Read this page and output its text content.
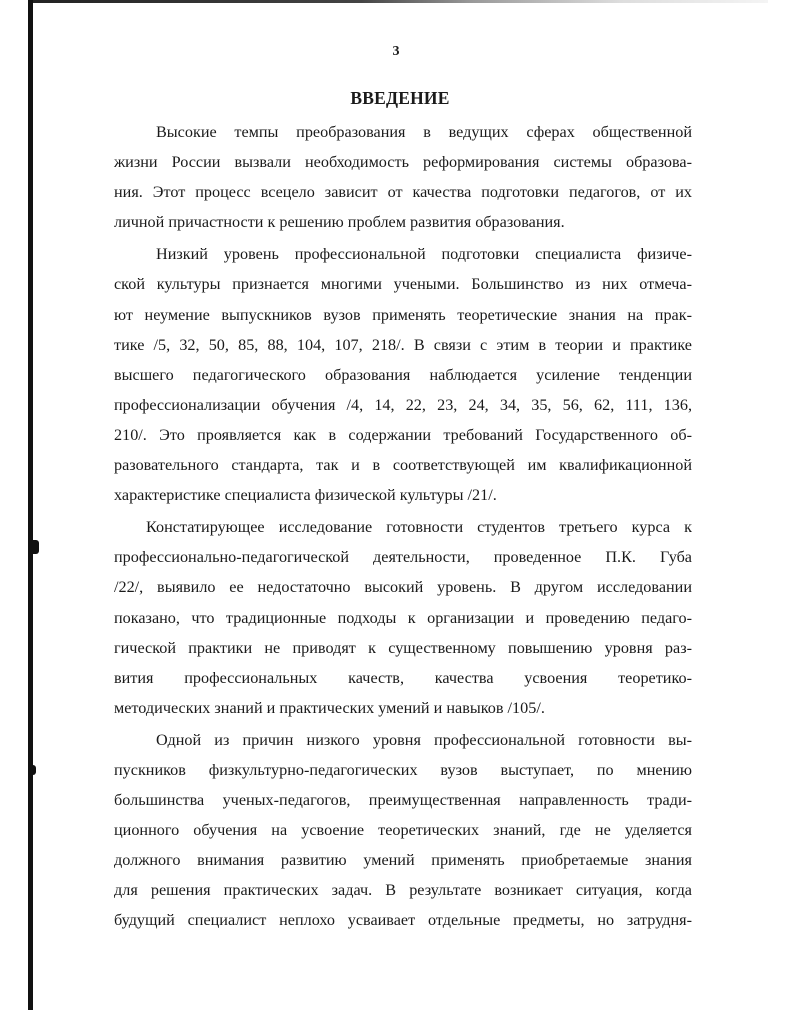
3
ВВЕДЕНИЕ
Высокие темпы преобразования в ведущих сферах общественной
жизни России вызвали необходимость реформирования системы образова-
ния. Этот процесс всецело зависит от качества подготовки педагогов, от их
личной причастности к решению проблем развития образования.
Низкий уровень профессиональной подготовки специалиста физиче-
ской культуры признается многими учеными. Большинство из них отмеча-
ют неумение выпускников вузов применять теоретические знания на прак-
тике /5, 32, 50, 85, 88, 104, 107, 218/. В связи с этим в теории и практике
высшего педагогического образования наблюдается усиление тенденции
профессионализации обучения /4, 14, 22, 23, 24, 34, 35, 56, 62, 111, 136,
210/. Это проявляется как в содержании требований Государственного об-
разовательного стандарта, так и в соответствующей им квалификационной
характеристике специалиста физической культуры /21/.
Констатирующее исследование готовности студентов третьего курса к
профессионально-педагогической деятельности, проведенное П.К. Губа
/22/, выявило ее недостаточно высокий уровень. В другом исследовании
показано, что традиционные подходы к организации и проведению педаго-
гической практики не приводят к существенному повышению уровня раз-
вития профессиональных качеств, качества усвоения теоретико-
методических знаний и практических умений и навыков /105/.
Одной из причин низкого уровня профессиональной готовности вы-
пускников физкультурно-педагогических вузов выступает, по мнению
большинства ученых-педагогов, преимущественная направленность тради-
ционного обучения на усвоение теоретических знаний, где не уделяется
должного внимания развитию умений применять приобретаемые знания
для решения практических задач. В результате возникает ситуация, когда
будущий специалист неплохо усваивает отдельные предметы, но затрудня-
